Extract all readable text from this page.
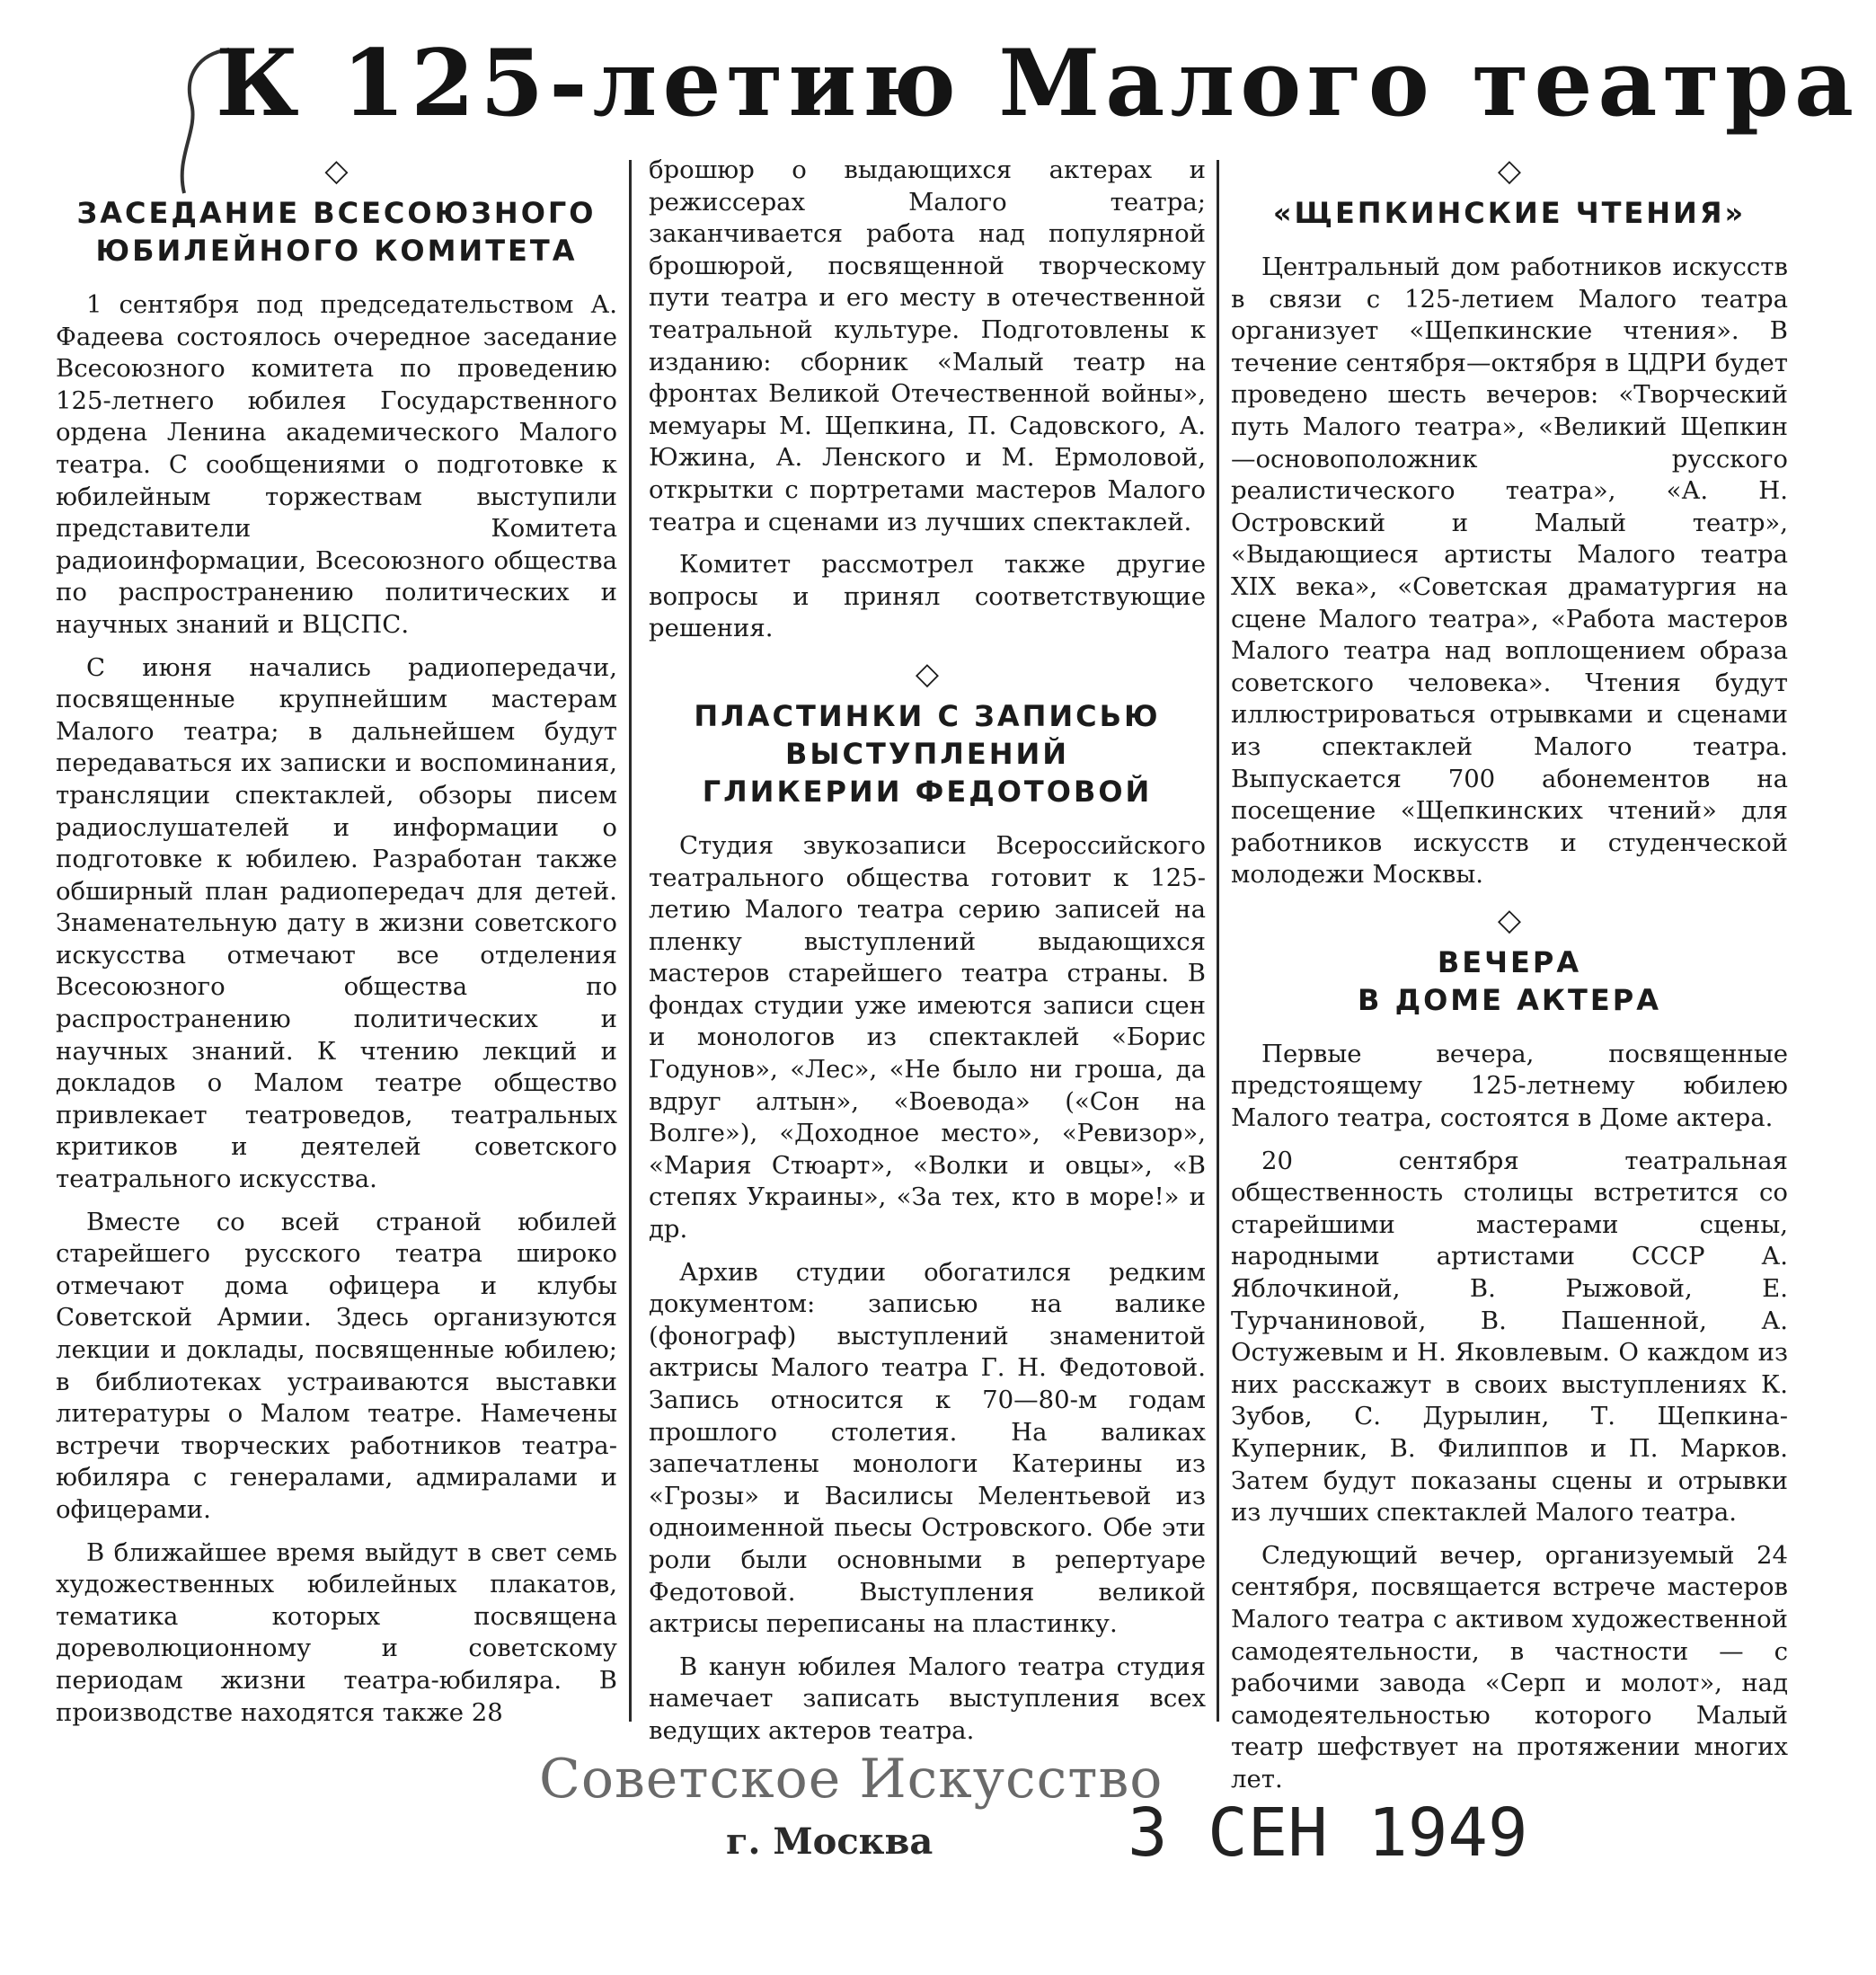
К 125-летию Малого театра
◇
ЗАСЕДАНИЕ ВСЕСОЮЗНОГО
ЮБИЛЕЙНОГО КОМИТЕТА

1 сентября под председательством А. Фадеева состоялось очередное заседание Всесоюзного комитета по проведению 125-летнего юбилея Государственного ордена Ленина академического Малого театра. С сообщениями о подготовке к юбилейным торжествам выступили представители Комитета радиоинформации, Всесоюзного общества по распространению политических и научных знаний и ВЦСПС.

С июня начались радиопередачи, посвященные крупнейшим мастерам Малого театра; в дальнейшем будут передаваться их записки и воспоминания, трансляции спектаклей, обзоры писем радиослушателей и информации о подготовке к юбилею. Разработан также обширный план радиопередач для детей. Знаменательную дату в жизни советского искусства отмечают все отделения Всесоюзного общества по распространению политических и научных знаний. К чтению лекций и докладов о Малом театре общество привлекает театроведов, театральных критиков и деятелей советского театрального искусства.

Вместе со всей страной юбилей старейшего русского театра широко отмечают дома офицера и клубы Советской Армии. Здесь организуются лекции и доклады, посвященные юбилею; в библиотеках устраиваются выставки литературы о Малом театре. Намечены встречи творческих работников театра-юбиляра с генералами, адмиралами и офицерами.

В ближайшее время выйдут в свет семь художественных юбилейных плакатов, тематика которых посвящена дореволюционному и советскому периодам жизни театра-юбиляра. В производстве находятся также 28

брошюр о выдающихся актерах и режиссерах Малого театра; заканчивается работа над популярной брошюрой, посвященной творческому пути театра и его месту в отечественной театральной культуре. Подготовлены к изданию: сборник «Малый театр на фронтах Великой Отечественной войны», мемуары М. Щепкина, П. Садовского, А. Южина, А. Ленского и М. Ермоловой, открытки с портретами мастеров Малого театра и сценами из лучших спектаклей.

Комитет рассмотрел также другие вопросы и принял соответствующие решения.

◇
ПЛАСТИНКИ С ЗАПИСЬЮ
ВЫСТУПЛЕНИЙ
ГЛИКЕРИИ ФЕДОТОВОЙ

Студия звукозаписи Всероссийского театрального общества готовит к 125-летию Малого театра серию записей на пленку выступлений выдающихся мастеров старейшего театра страны. В фондах студии уже имеются записи сцен и монологов из спектаклей «Борис Годунов», «Лес», «Не было ни гроша, да вдруг алтын», «Воевода» («Сон на Волге»), «Доходное место», «Ревизор», «Мария Стюарт», «Волки и овцы», «В степях Украины», «За тех, кто в море!» и др.

Архив студии обогатился редким документом: записью на валике (фонограф) выступлений знаменитой актрисы Малого театра Г. Н. Федотовой. Запись относится к 70—80-м годам прошлого столетия. На валиках запечатлены монологи Катерины из «Грозы» и Василисы Мелентьевой из одноименной пьесы Островского. Обе эти роли были основными в репертуаре Федотовой. Выступления великой актрисы переписаны на пластинку.

В канун юбилея Малого театра студия намечает записать выступления всех ведущих актеров театра.

◇
«ЩЕПКИНСКИЕ ЧТЕНИЯ»

Центральный дом работников искусств в связи с 125-летием Малого театра организует «Щепкинские чтения». В течение сентября—октября в ЦДРИ будет проведено шесть вечеров: «Творческий путь Малого театра», «Великий Щепкин—основоположник русского реалистического театра», «А. Н. Островский и Малый театр», «Выдающиеся артисты Малого театра XIX века», «Советская драматургия на сцене Малого театра», «Работа мастеров Малого театра над воплощением образа советского человека». Чтения будут иллюстрироваться отрывками и сценами из спектаклей Малого театра. Выпускается 700 абонементов на посещение «Щепкинских чтений» для работников искусств и студенческой молодежи Москвы.

◇
ВЕЧЕРА
В ДОМЕ АКТЕРА

Первые вечера, посвященные предстоящему 125-летнему юбилею Малого театра, состоятся в Доме актера.

20 сентября театральная общественность столицы встретится со старейшими мастерами сцены, народными артистами СССР А. Яблочкиной, В. Рыжовой, Е. Турчаниновой, В. Пашенной, А. Остужевым и Н. Яковлевым. О каждом из них расскажут в своих выступлениях К. Зубов, С. Дурылин, Т. Щепкина-Куперник, В. Филиппов и П. Марков. Затем будут показаны сцены и отрывки из лучших спектаклей Малого театра.

Следующий вечер, организуемый 24 сентября, посвящается встрече мастеров Малого театра с активом художественной самодеятельности, в частности — с рабочими завода «Серп и молот», над самодеятельностью которого Малый театр шефствует на протяжении многих лет.

Советское Искусство
г. Москва	3 СЕН 1949
